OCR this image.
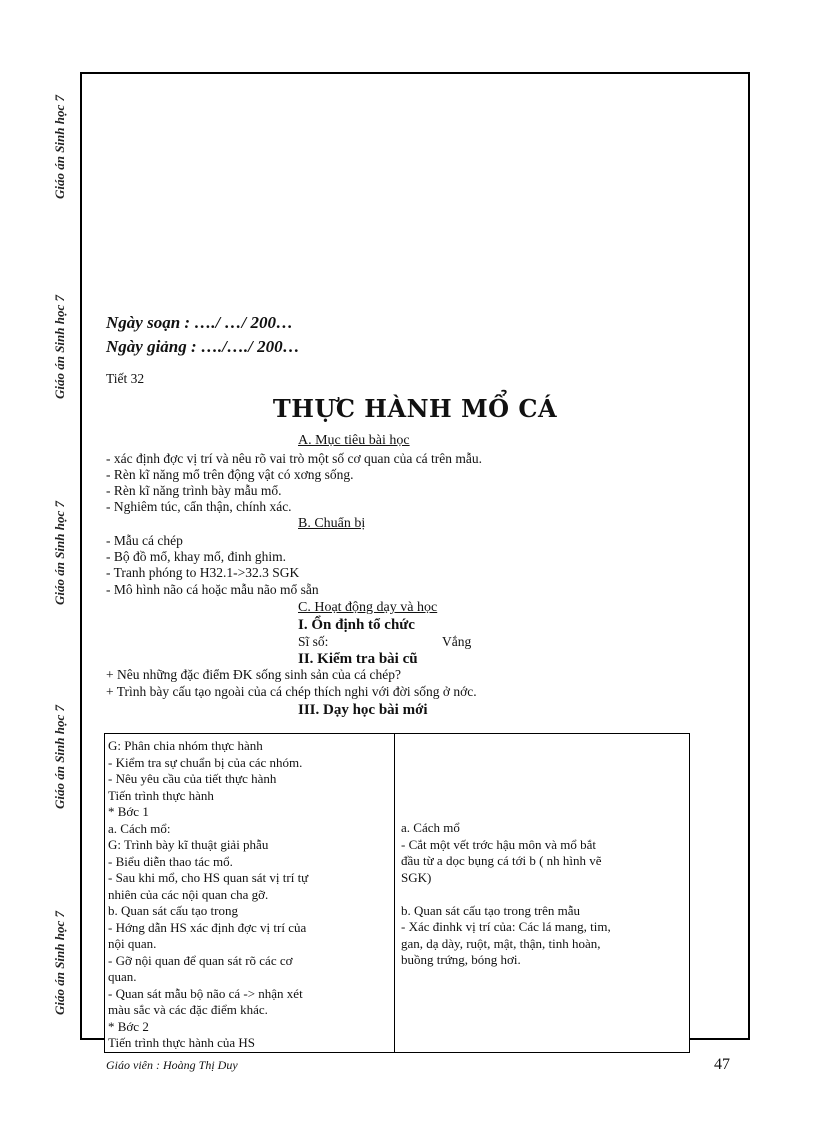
Giáo án Sinh học 7
Giáo án Sinh học 7
Giáo án Sinh học 7
Giáo án Sinh học 7
Giáo án Sinh học 7
Ngày soạn : …./ …/ 200…
Ngày giảng : …./…./ 200…
Tiết 32
THỰC HÀNH MỔ CÁ
A. Mục tiêu bài học
- xác định đợc vị trí và nêu rõ vai trò một số cơ quan của cá trên mẫu.
- Rèn kĩ năng mổ trên động vật có xơng sống.
- Rèn kĩ năng trình bày mẫu mổ.
- Nghiêm túc, cẩn thận, chính xác.
B. Chuẩn bị
- Mẫu cá chép
- Bộ đồ mổ, khay mổ, đinh ghim.
- Tranh phóng to H32.1->32.3 SGK
- Mô hình não cá hoặc mẫu não mổ sẵn
C. Hoạt động dạy và học
I. Ổn định tổ chức
Sĩ số:	Vắng
II. Kiểm tra bài cũ
+ Nêu những đặc điểm ĐK sống sinh sản của cá chép?
+ Trình bày cấu tạo ngoài của cá chép thích nghi với đời sống ở nớc.
III. Dạy học bài mới
G: Phân chia nhóm thực hành
- Kiểm tra sự chuẩn bị của các nhóm.
- Nêu yêu cầu của tiết thực hành
Tiến trình thực hành
* Bớc 1
a. Cách mổ:
G: Trình bày kĩ thuật giải phẫu
- Biểu diễn thao tác mổ.
- Sau khi mổ, cho HS quan sát vị trí tự
nhiên của các nội quan cha gỡ.
b. Quan sát cấu tạo trong
- Hớng dẫn HS xác định đợc vị trí của
nội quan.
- Gỡ nội quan để quan sát rõ các cơ
quan.
- Quan sát mẫu bộ não cá -> nhận xét
màu sắc và các đặc điểm khác.
* Bớc 2
Tiến trình thực hành của HS
a. Cách mổ
- Cắt một vết trớc hậu môn và mổ bắt
đầu từ a dọc bụng cá tới b ( nh hình vẽ
SGK)
b. Quan sát cấu tạo trong trên mẫu
- Xác đinhk vị trí của: Các lá mang, tim,
gan, dạ dày, ruột, mật, thận, tinh hoàn,
buồng trứng, bóng hơi.
Giáo viên : Hoàng Thị Duy	47
